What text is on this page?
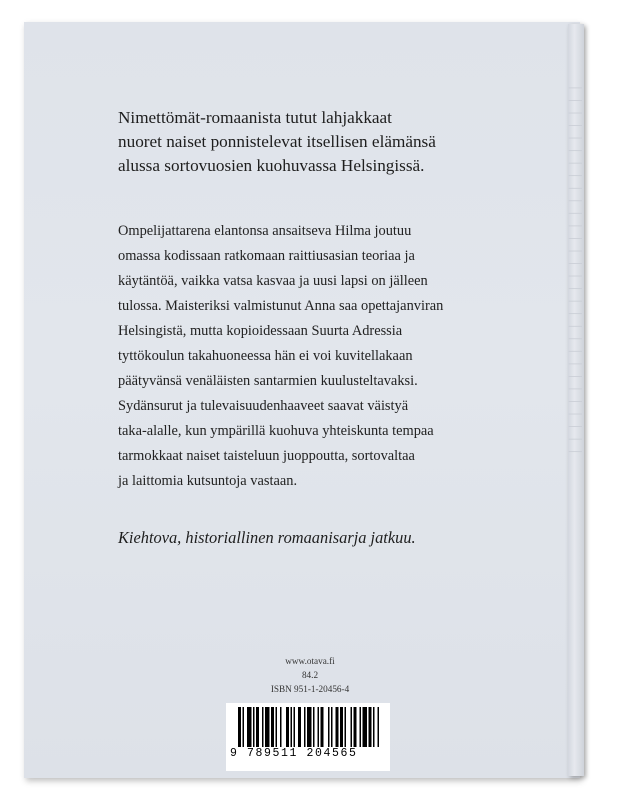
│ │ │ │ │ │ │ │ │ │ │ │ │ │ │ │ │ │ │ │ │ │ │ │ │ │ │ │ │ │
Nimettömät-romaanista tutut lahjakkaat
nuoret naiset ponnistelevat itsellisen elämänsä
alussa sortovuosien kuohuvassa Helsingissä.
Ompelijattarena elantonsa ansaitseva Hilma joutuu
omassa kodissaan ratkomaan raittiusasian teoriaa ja
käytäntöä, vaikka vatsa kasvaa ja uusi lapsi on jälleen
tulossa. Maisteriksi valmistunut Anna saa opettajanviran
Helsingistä, mutta kopioidessaan Suurta Adressia
tyttökoulun takahuoneessa hän ei voi kuvitellakaan
päätyvänsä venäläisten santarmien kuulusteltavaksi.
Sydänsurut ja tulevaisuudenhaaveet saavat väistyä
taka-alalle, kun ympärillä kuohuva yhteiskunta tempaa
tarmokkaat naiset taisteluun juoppoutta, sortovaltaa
ja laittomia kutsuntoja vastaan.
Kiehtova, historiallinen romaanisarja jatkuu.
www.otava.fi
84.2
ISBN 951-1-20456-4
9 789511 204565
